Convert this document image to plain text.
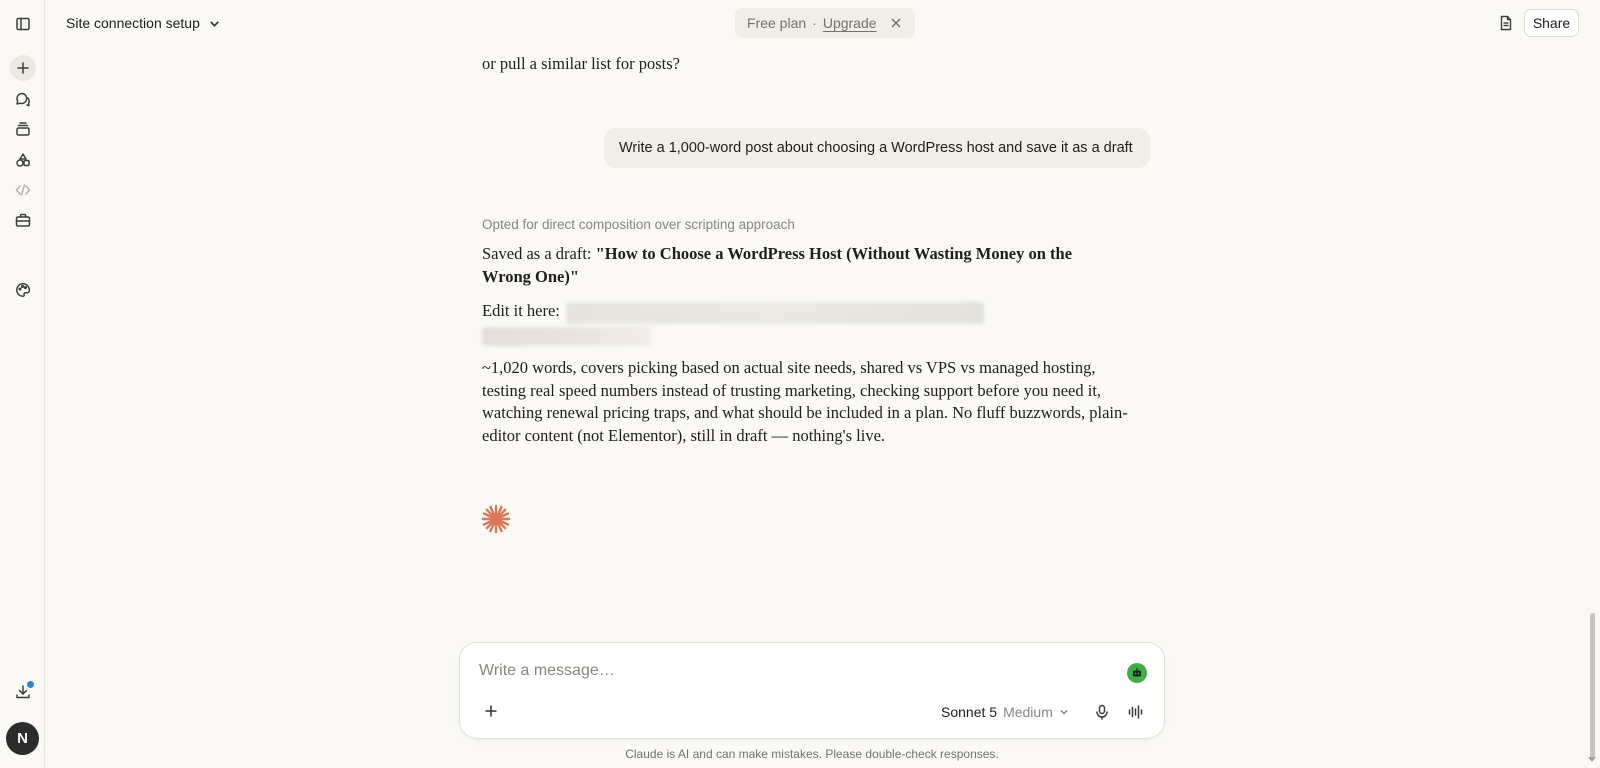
N
Site connection setup	Free plan · Upgrade	Share

or pull a similar list for posts?

Write a 1,000-word post about choosing a WordPress host and save it as a draft
Opted for direct composition over scripting approach

Saved as a draft: "How to Choose a WordPress Host (Without Wasting Money on the Wrong One)"

Edit it here:

~1,020 words, covers picking based on actual site needs, shared vs VPS vs managed hosting, testing real speed numbers instead of trusting marketing, checking support before you need it, watching renewal pricing traps, and what should be included in a plan. No fluff buzzwords, plain-editor content (not Elementor), still in draft — nothing's live.

Write a message…
Sonnet 5 Medium
Claude is AI and can make mistakes. Please double-check responses.
